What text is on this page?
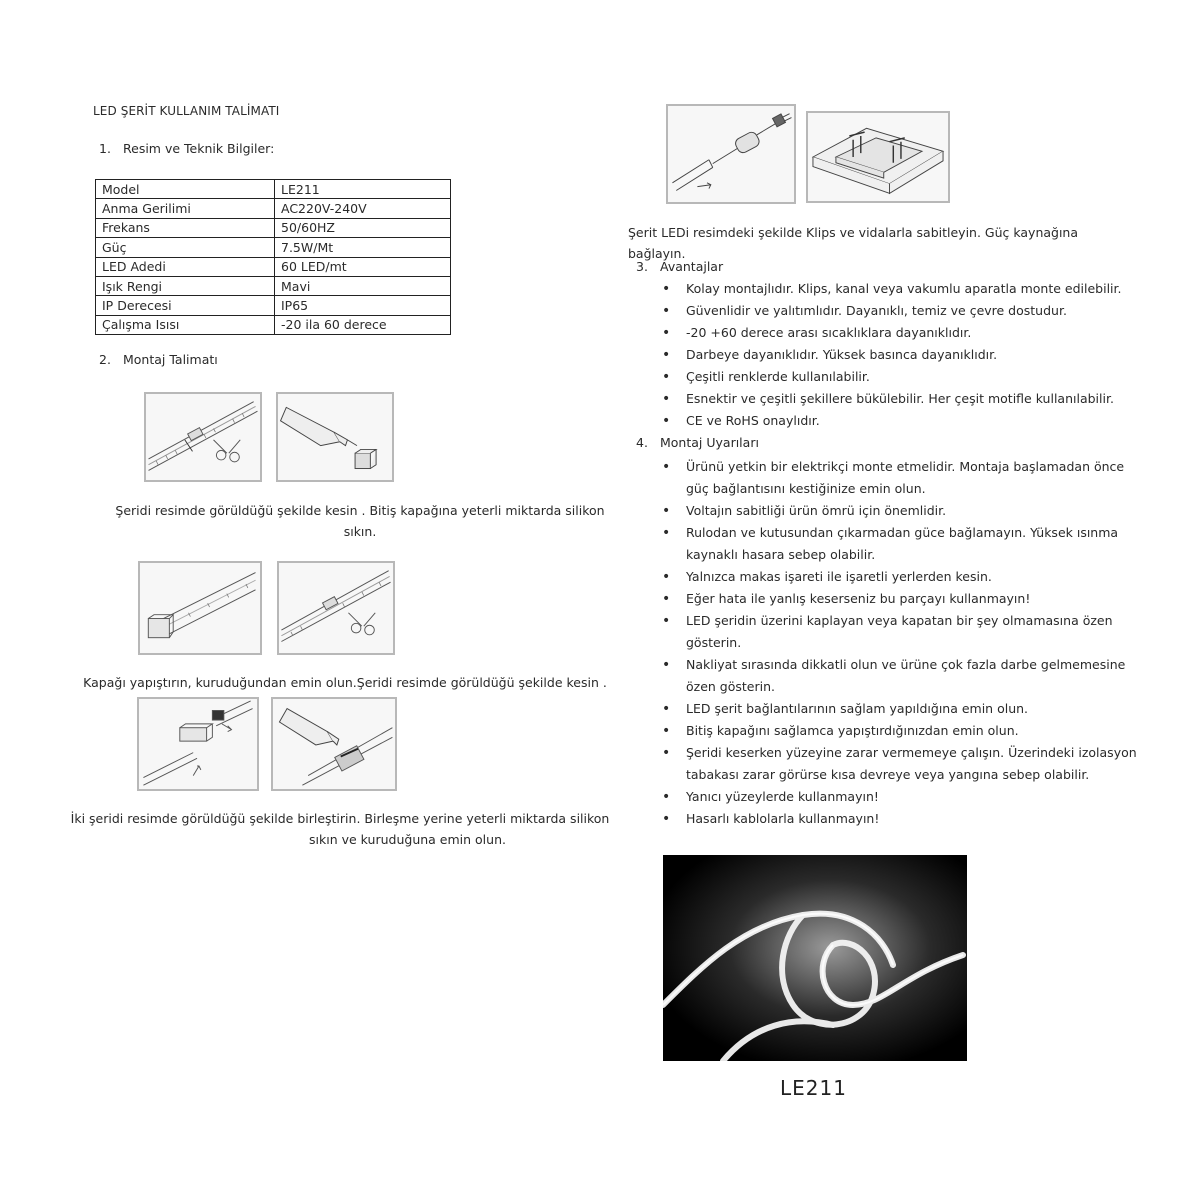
LED ŞERİT KULLANIM TALİMATI
1. Resim ve Teknik Bilgiler:
Model	LE211
Anma Gerilimi	AC220V-240V
Frekans	50/60HZ
Güç	7.5W/Mt
LED Adedi	60 LED/mt
Işık Rengi	Mavi
IP Derecesi	IP65
Çalışma Isısı	-20 ila 60 derece
2. Montaj Talimatı
Şeridi resimde görüldüğü şekilde kesin . Bitiş kapağına yeterli miktarda silikon
sıkın.
Kapağı yapıştırın, kuruduğundan emin olun.Şeridi resimde görüldüğü şekilde kesin .
İki şeridi resimde görüldüğü şekilde birleştirin. Birleşme yerine yeterli miktarda silikon
sıkın ve kuruduğuna emin olun.
Şerit LEDi resimdeki şekilde Klips ve vidalarla sabitleyin. Güç kaynağına bağlayın.
3. Avantajlar
• Kolay montajlıdır. Klips, kanal veya vakumlu aparatla monte edilebilir.
• Güvenlidir ve yalıtımlıdır. Dayanıklı, temiz ve çevre dostudur.
• -20 +60 derece arası sıcaklıklara dayanıklıdır.
• Darbeye dayanıklıdır. Yüksek basınca dayanıklıdır.
• Çeşitli renklerde kullanılabilir.
• Esnektir ve çeşitli şekillere bükülebilir. Her çeşit motifle kullanılabilir.
• CE ve RoHS onaylıdır.
4. Montaj Uyarıları
• Ürünü yetkin bir elektrikçi monte etmelidir. Montaja başlamadan önce
güç bağlantısını kestiğinize emin olun.
• Voltajın sabitliği ürün ömrü için önemlidir.
• Rulodan ve kutusundan çıkarmadan güce bağlamayın. Yüksek ısınma
kaynaklı hasara sebep olabilir.
• Yalnızca makas işareti ile işaretli yerlerden kesin.
• Eğer hata ile yanlış keserseniz bu parçayı kullanmayın!
• LED şeridin üzerini kaplayan veya kapatan bir şey olmamasına özen
gösterin.
• Nakliyat sırasında dikkatli olun ve ürüne çok fazla darbe gelmemesine
özen gösterin.
• LED şerit bağlantılarının sağlam yapıldığına emin olun.
• Bitiş kapağını sağlamca yapıştırdığınızdan emin olun.
• Şeridi keserken yüzeyine zarar vermemeye çalışın. Üzerindeki izolasyon
tabakası zarar görürse kısa devreye veya yangına sebep olabilir.
• Yanıcı yüzeylerde kullanmayın!
• Hasarlı kablolarla kullanmayın!
LE211
